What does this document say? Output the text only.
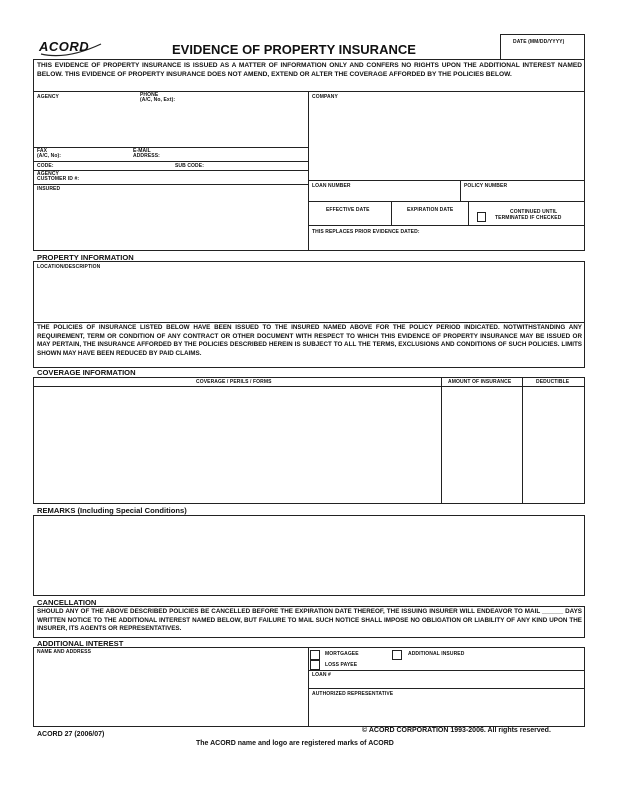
ACORD	EVIDENCE OF PROPERTY INSURANCE	DATE (MM/DD/YYYY)
THIS EVIDENCE OF PROPERTY INSURANCE IS ISSUED AS A MATTER OF INFORMATION ONLY AND CONFERS NO RIGHTS UPON THE ADDITIONAL INTEREST NAMED BELOW. THIS EVIDENCE OF PROPERTY INSURANCE DOES NOT AMEND, EXTEND OR ALTER THE COVERAGE AFFORDED BY THE POLICIES BELOW.
AGENCY	PHONE
(A/C, No, Ext):
FAX
(A/C, No):
E-MAIL
ADDRESS:
CODE:	SUB CODE:
AGENCY
CUSTOMER ID #:
INSURED
COMPANY
LOAN NUMBER	POLICY NUMBER
EFFECTIVE DATE	EXPIRATION DATE	CONTINUED UNTIL
TERMINATED IF CHECKED
THIS REPLACES PRIOR EVIDENCE DATED:
PROPERTY INFORMATION
LOCATION/DESCRIPTION
THE POLICIES OF INSURANCE LISTED BELOW HAVE BEEN ISSUED TO THE INSURED NAMED ABOVE FOR THE POLICY PERIOD INDICATED. NOTWITHSTANDING ANY REQUIREMENT, TERM OR CONDITION OF ANY CONTRACT OR OTHER DOCUMENT WITH RESPECT TO WHICH THIS EVIDENCE OF PROPERTY INSURANCE MAY BE ISSUED OR MAY PERTAIN, THE INSURANCE AFFORDED BY THE POLICIES DESCRIBED HEREIN IS SUBJECT TO ALL THE TERMS, EXCLUSIONS AND CONDITIONS OF SUCH POLICIES. LIMITS SHOWN MAY HAVE BEEN REDUCED BY PAID CLAIMS.
COVERAGE INFORMATION
COVERAGE / PERILS / FORMS	AMOUNT OF INSURANCE	DEDUCTIBLE
REMARKS (Including Special Conditions)
CANCELLATION
SHOULD ANY OF THE ABOVE DESCRIBED POLICIES BE CANCELLED BEFORE THE EXPIRATION DATE THEREOF, THE ISSUING INSURER WILL ENDEAVOR TO MAIL ______ DAYS WRITTEN NOTICE TO THE ADDITIONAL INTEREST NAMED BELOW, BUT FAILURE TO MAIL SUCH NOTICE SHALL IMPOSE NO OBLIGATION OR LIABILITY OF ANY KIND UPON THE INSURER, ITS AGENTS OR REPRESENTATIVES.
ADDITIONAL INTEREST
NAME AND ADDRESS	MORTGAGEE	ADDITIONAL INSURED
LOSS PAYEE
LOAN #
AUTHORIZED REPRESENTATIVE
ACORD 27 (2006/07)
© ACORD CORPORATION 1993-2006. All rights reserved.
The ACORD name and logo are registered marks of ACORD
